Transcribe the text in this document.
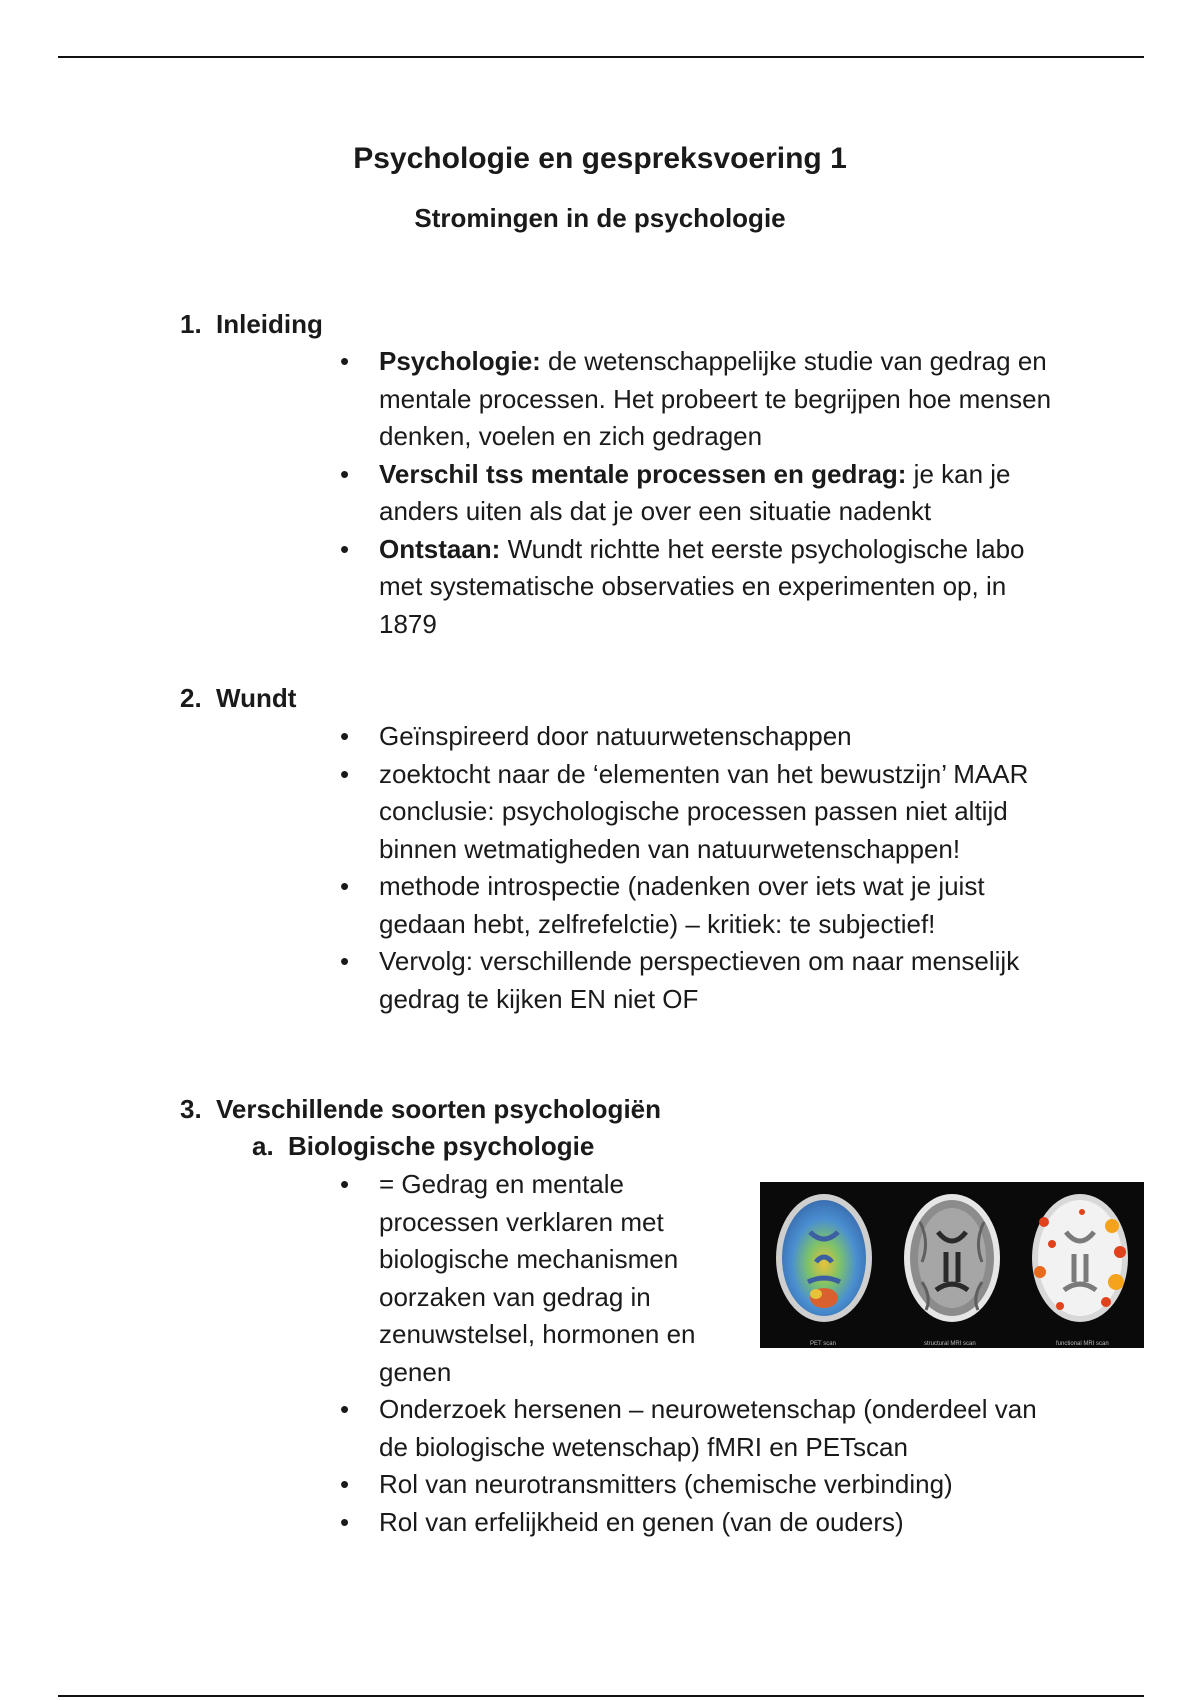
Psychologie en gespreksvoering 1
Stromingen in de psychologie
1. Inleiding
• Psychologie: de wetenschappelijke studie van gedrag en mentale processen. Het probeert te begrijpen hoe mensen denken, voelen en zich gedragen
• Verschil tss mentale processen en gedrag: je kan je anders uiten als dat je over een situatie nadenkt
• Ontstaan: Wundt richtte het eerste psychologische labo met systematische observaties en experimenten op, in 1879
2. Wundt
• Geïnspireerd door natuurwetenschappen
• zoektocht naar de ‘elementen van het bewustzijn’ MAAR conclusie: psychologische processen passen niet altijd binnen wetmatigheden van natuurwetenschappen!
• methode introspectie (nadenken over iets wat je juist gedaan hebt, zelfrefelctie) – kritiek: te subjectief!
• Vervolg: verschillende perspectieven om naar menselijk gedrag te kijken EN niet OF
3. Verschillende soorten psychologiën
a. Biologische psychologie
• = Gedrag en mentale processen verklaren met biologische mechanismen oorzaken van gedrag in zenuwstelsel, hormonen en genen
• Onderzoek hersenen – neurowetenschap (onderdeel van de biologische wetenschap) fMRI en PETscan
• Rol van neurotransmitters (chemische verbinding)
• Rol van erfelijkheid en genen (van de ouders)
PET scan	structural MRI scan	functional MRI scan
